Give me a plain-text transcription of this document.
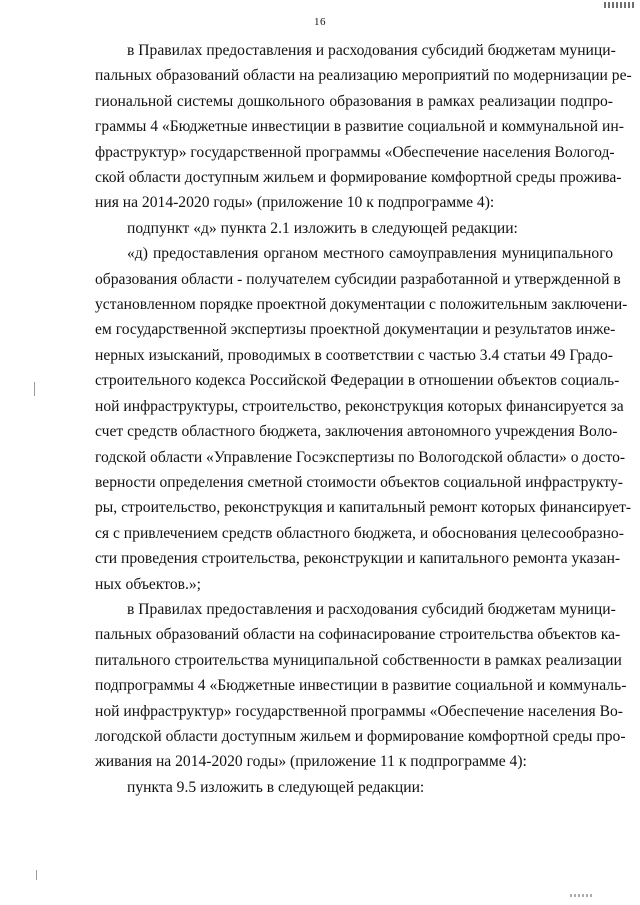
16

в Правилах предоставления и расходования субсидий бюджетам муници-
пальных образований области на реализацию мероприятий по модернизации ре-
гиональной системы дошкольного образования в рамках реализации подпро-
граммы 4 «Бюджетные инвестиции в развитие социальной и коммунальной ин-
фраструктур» государственной программы «Обеспечение населения Вологод-
ской области доступным жильем и формирование комфортной среды прожива-
ния на 2014-2020 годы» (приложение 10 к подпрограмме 4):

подпункт «д» пункта 2.1 изложить в следующей редакции:

«д) предоставления органом местного самоуправления муниципального
образования области - получателем субсидии разработанной и утвержденной в
установленном порядке проектной документации с положительным заключени-
ем государственной экспертизы проектной документации и результатов инже-
нерных изысканий, проводимых в соответствии с частью 3.4 статьи 49 Градо-
строительного кодекса Российской Федерации в отношении объектов социаль-
ной инфраструктуры, строительство, реконструкция которых финансируется за
счет средств областного бюджета, заключения автономного учреждения Воло-
годской области «Управление Госэкспертизы по Вологодской области» о досто-
верности определения сметной стоимости объектов социальной инфраструкту-
ры, строительство, реконструкция и капитальный ремонт которых финансирует-
ся с привлечением средств областного бюджета, и обоснования целесообразно-
сти проведения строительства, реконструкции и капитального ремонта указан-
ных объектов.»;

в Правилах предоставления и расходования субсидий бюджетам муници-
пальных образований области на софинасирование строительства объектов ка-
питального строительства муниципальной собственности в рамках реализации
подпрограммы 4 «Бюджетные инвестиции в развитие социальной и коммуналь-
ной инфраструктур» государственной программы «Обеспечение населения Во-
логодской области доступным жильем и формирование комфортной среды про-
живания на 2014-2020 годы» (приложение 11 к подпрограмме 4):

пункта 9.5 изложить в следующей редакции:
